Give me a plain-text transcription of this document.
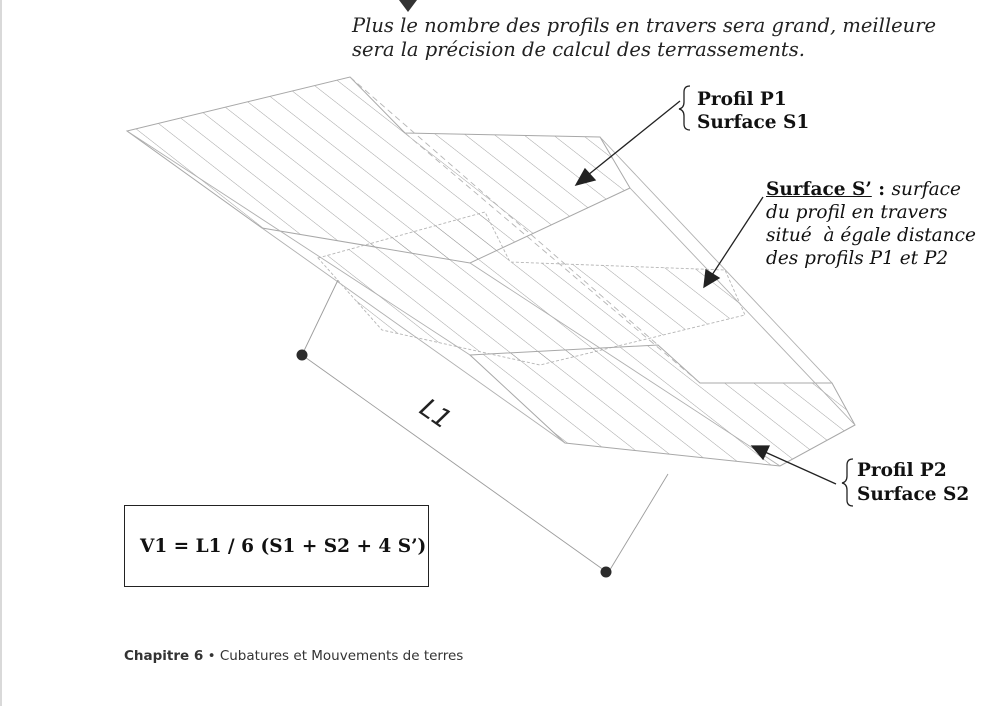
L1
Plus le nombre des profils en travers sera grand, meilleure
sera la précision de calcul des terrassements.
Profil P1
Surface S1
Surface S’ : surface
du profil en travers
situé  à égale distance
des profils P1 et P2
Profil P2
Surface S2
V1 = L1 / 6 (S1 + S2 + 4 S’)
Chapitre 6 • Cubatures et Mouvements de terres
